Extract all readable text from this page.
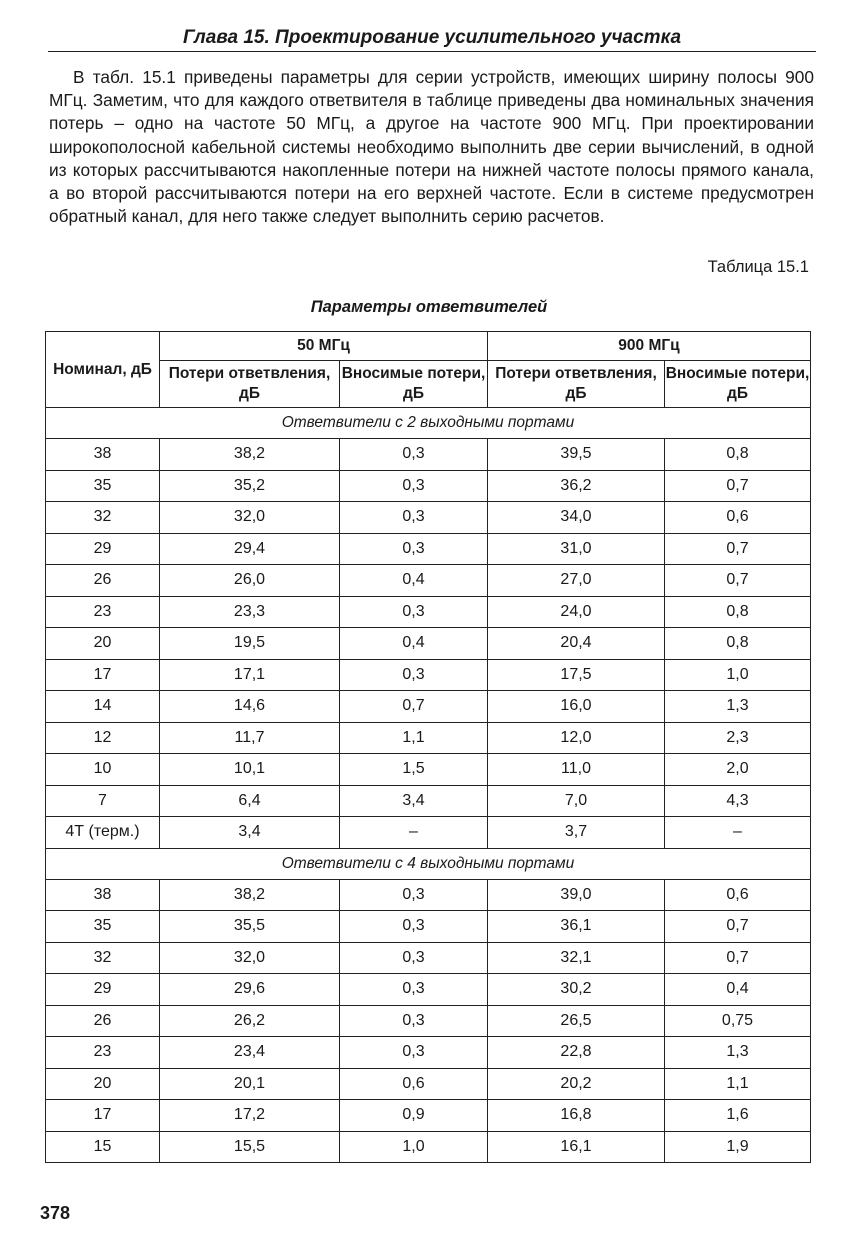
Глава 15. Проектирование усилительного участка

В табл. 15.1 приведены параметры для серии устройств, имеющих ширину полосы 900 МГц. Заметим, что для каждого ответвителя в таблице приведены два номинальных значения потерь – одно на частоте 50 МГц, а другое на частоте 900 МГц. При проектировании широкополосной кабельной системы необходимо выполнить две серии вычислений, в одной из которых рассчитываются накопленные потери на нижней частоте полосы прямого канала, а во второй рассчитываются потери на его верхней частоте. Если в системе предусмотрен обратный канал, для него также следует выполнить серию расчетов.

Таблица 15.1
Параметры ответвителей
Номинал, дБ	50 МГц		900 МГц	
	Потери ответвления, дБ	Вносимые потери, дБ	Потери ответвления, дБ	Вносимые потери, дБ
Ответвители с 2 выходными портами				
38	38,2	0,3	39,5	0,8
35	35,2	0,3	36,2	0,7
32	32,0	0,3	34,0	0,6
29	29,4	0,3	31,0	0,7
26	26,0	0,4	27,0	0,7
23	23,3	0,3	24,0	0,8
20	19,5	0,4	20,4	0,8
17	17,1	0,3	17,5	1,0
14	14,6	0,7	16,0	1,3
12	11,7	1,1	12,0	2,3
10	10,1	1,5	11,0	2,0
7	6,4	3,4	7,0	4,3
4Т (терм.)	3,4	–	3,7	–
Ответвители с 4 выходными портами				
38	38,2	0,3	39,0	0,6
35	35,5	0,3	36,1	0,7
32	32,0	0,3	32,1	0,7
29	29,6	0,3	30,2	0,4
26	26,2	0,3	26,5	0,75
23	23,4	0,3	22,8	1,3
20	20,1	0,6	20,2	1,1
17	17,2	0,9	16,8	1,6
15	15,5	1,0	16,1	1,9
378
